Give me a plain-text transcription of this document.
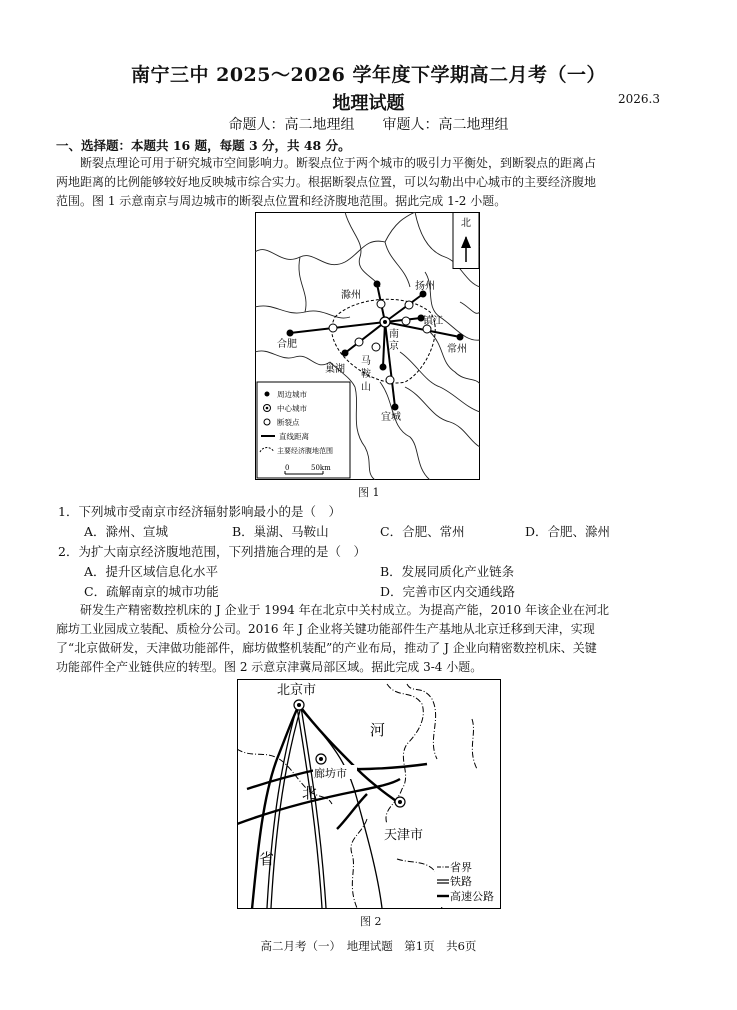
南宁三中 2025～2026 学年度下学期高二月考（一）
地理试题	2026.3
命题人：高二地理组　　审题人：高二地理组
一、选择题：本题共 16 题，每题 3 分，共 48 分。
断裂点理论可用于研究城市空间影响力。断裂点位于两个城市的吸引力平衡处，到断裂点的距离占
两地距离的比例能够较好地反映城市综合实力。根据断裂点位置，可以勾勒出中心城市的主要经济腹地
范围。图 1 示意南京与周边城市的断裂点位置和经济腹地范围。据此完成 1-2 小题。
北
滁州
扬州
镇江
合肥
南
京	常州
巢湖
马
鞍
山
宜城
周边城市
中心城市
断裂点
直线距离
主要经济腹地范围
0	50km
图 1
1．下列城市受南京市经济辐射影响最小的是（　）
A．滁州、宣城	B．巢湖、马鞍山	C．合肥、常州	D．合肥、滁州
2．为扩大南京经济腹地范围，下列措施合理的是（　）
A．提升区域信息化水平	B．发展同质化产业链条
C．疏解南京的城市功能	D．完善市区内交通线路
研发生产精密数控机床的 J 企业于 1994 年在北京中关村成立。为提高产能，2010 年该企业在河北
廊坊工业园成立装配、质检分公司。2016 年 J 企业将关键功能部件生产基地从北京迁移到天津，实现
了“北京做研发，天津做功能部件，廊坊做整机装配”的产业布局，推动了 J 企业向精密数控机床、关键
功能部件全产业链供应的转型。图 2 示意京津冀局部区域。据此完成 3-4 小题。
北京市
廊坊市
天津市
河
北
省	省界
铁路
高速公路
图 2
高二月考（一）　地理试题　第1页　共6页
